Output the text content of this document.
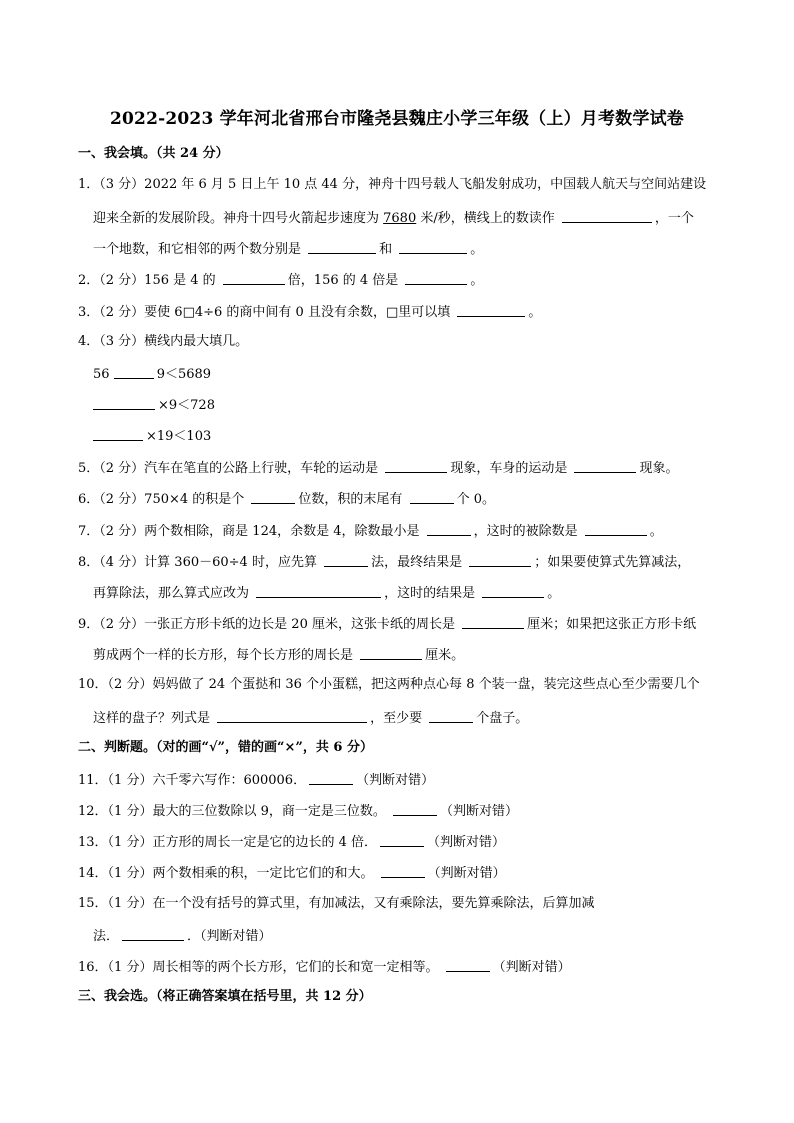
2022-2023 学年河北省邢台市隆尧县魏庄小学三年级（上）月考数学试卷
一、我会填。（共 24 分）
1．（3 分）2022 年 6 月 5 日上午 10 点 44 分，神舟十四号载人飞船发射成功，中国载人航天与空间站建设
迎来全新的发展阶段。神舟十四号火箭起步速度为 7680 米/秒，横线上的数读作	，一个
一个地数，和它相邻的两个数分别是	和	。
2．（2 分）156 是 4 的	倍，156 的 4 倍是	。
3．（2 分）要使 6□4÷6 的商中间有 0 且没有余数，□里可以填	。
4．（3 分）横线内最大填几。
56	9＜5689
×9＜728
×19＜103
5．（2 分）汽车在笔直的公路上行驶，车轮的运动是	现象，车身的运动是	现象。
6．（2 分）750×4 的积是个	位数，积的末尾有	个 0。
7．（2 分）两个数相除，商是 124，余数是 4，除数最小是	，这时的被除数是	。
8．（4 分）计算 360－60÷4 时，应先算	法，最终结果是	；如果要使算式先算减法，
再算除法，那么算式应改为	，这时的结果是	。
9．（2 分）一张正方形卡纸的边长是 20 厘米，这张卡纸的周长是	厘米；如果把这张正方形卡纸
剪成两个一样的长方形，每个长方形的周长是	厘米。
10．（2 分）妈妈做了 24 个蛋挞和 36 个小蛋糕，把这两种点心每 8 个装一盘，装完这些点心至少需要几个
这样的盘子？列式是	，至少要	个盘子。
二、判断题。（对的画“√”，错的画“×”，共 6 分）
11．（1 分）六千零六写作：600006．	（判断对错）
12．（1 分）最大的三位数除以 9，商一定是三位数。	（判断对错）
13．（1 分）正方形的周长一定是它的边长的 4 倍．	（判断对错）
14．（1 分）两个数相乘的积，一定比它们的和大。	（判断对错）
15．（1 分）在一个没有括号的算式里，有加减法，又有乘除法，要先算乘除法，后算加减
法．	．（判断对错）
16．（1 分）周长相等的两个长方形，它们的长和宽一定相等。	（判断对错）
三、我会选。（将正确答案填在括号里，共 12 分）
